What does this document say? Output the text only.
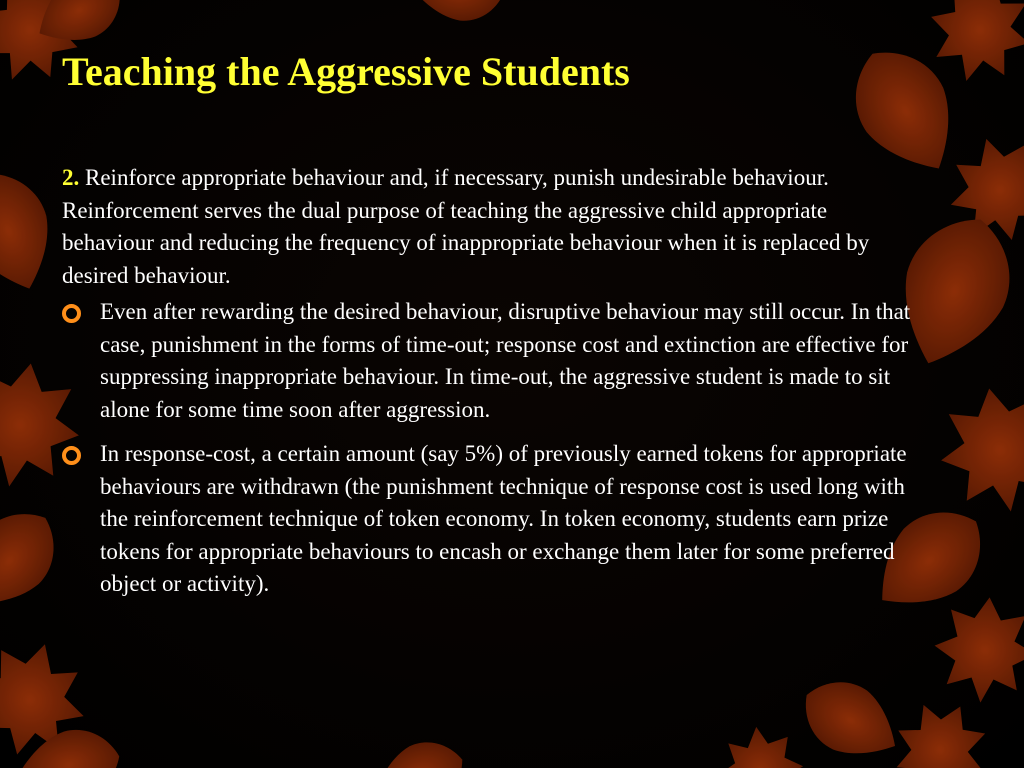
Teaching the Aggressive Students

2. Reinforce appropriate behaviour and, if necessary, punish undesirable behaviour. Reinforcement serves the dual purpose of teaching the aggressive child appropriate behaviour and reducing the frequency of inappropriate behaviour when it is replaced by desired behaviour.

Even after rewarding the desired behaviour, disruptive behaviour may still occur. In that case, punishment in the forms of time-out; response cost and extinction are effective for suppressing inappropriate behaviour. In time-out, the aggressive student is made to sit alone for some time soon after aggression.
In response-cost, a certain amount (say 5%) of previously earned tokens for appropriate behaviours are withdrawn (the punishment technique of response cost is used long with the reinforcement technique of token economy. In token economy, students earn prize tokens for appropriate behaviours to encash or exchange them later for some preferred object or activity).
